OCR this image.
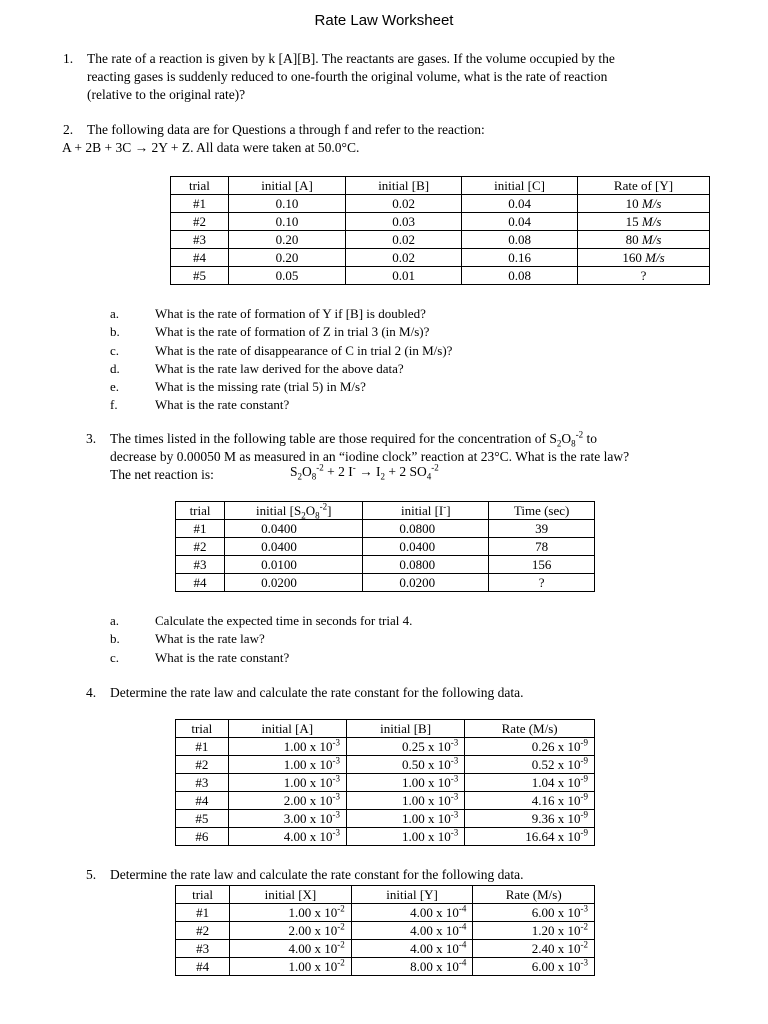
Rate Law Worksheet
1. The rate of a reaction is given by k [A][B]. The reactants are gases. If the volume occupied by the
reacting gases is suddenly reduced to one-fourth the original volume, what is the rate of reaction
(relative to the original rate)?
2. The following data are for Questions a through f and refer to the reaction:
A + 2B + 3C → 2Y + Z. All data were taken at 50.0°C.
trial	initial [A]	initial [B]	initial [C]	Rate of [Y]
#1	0.10	0.02	0.04	10 M/s
#2	0.10	0.03	0.04	15 M/s
#3	0.20	0.02	0.08	80 M/s
#4	0.20	0.02	0.16	160 M/s
#5	0.05	0.01	0.08	?
a.	What is the rate of formation of Y if [B] is doubled?
b.	What is the rate of formation of Z in trial 3 (in M/s)?
c.	What is the rate of disappearance of C in trial 2 (in M/s)?
d.	What is the rate law derived for the above data?
e.	What is the missing rate (trial 5) in M/s?
f.	What is the rate constant?
3. The times listed in the following table are those required for the concentration of $S_2O_8^{-2}$ to
decrease by 0.00050 M as measured in an “iodine clock” reaction at 23°C. What is the rate law?
The net reaction is:	$S_2O_8^{-2} + 2$ $I^- \to I_2 + 2$ $SO_4^{-2}$
trial	initial $[S_2O_8^{-2}]$	initial [I-]	Time (sec)
#1	0.0400	0.0800	39
#2	0.0400	0.0400	78
#3	0.0100	0.0800	156
#4	0.0200	0.0200	?
a.	Calculate the expected time in seconds for trial 4.
b.	What is the rate law?
c.	What is the rate constant?
4. Determine the rate law and calculate the rate constant for the following data.
trial	initial [A]	initial [B]	Rate (M/s)
#1	1.00 x $10^{-3}$	0.25 x $10^{-3}$	0.26 x $10^{-9}$
#2	1.00 x $10^{-3}$	0.50 x $10^{-3}$	0.52 x $10^{-9}$
#3	1.00 x $10^{-3}$	1.00 x $10^{-3}$	1.04 x $10^{-9}$
#4	2.00 x $10^{-3}$	1.00 x $10^{-3}$	4.16 x $10^{-9}$
#5	3.00 x $10^{-3}$	1.00 x $10^{-3}$	9.36 x $10^{-9}$
#6	4.00 x $10^{-3}$	1.00 x $10^{-3}$	16.64 x $10^{-9}$
5. Determine the rate law and calculate the rate constant for the following data.
trial	initial [X]	initial [Y]	Rate (M/s)
#1	1.00 x $10^{-2}$	4.00 x $10^{-4}$	6.00 x $10^{-3}$
#2	2.00 x $10^{-2}$	4.00 x $10^{-4}$	1.20 x $10^{-2}$
#3	4.00 x $10^{-2}$	4.00 x $10^{-4}$	2.40 x $10^{-2}$
#4	1.00 x $10^{-2}$	8.00 x $10^{-4}$	6.00 x $10^{-3}$
